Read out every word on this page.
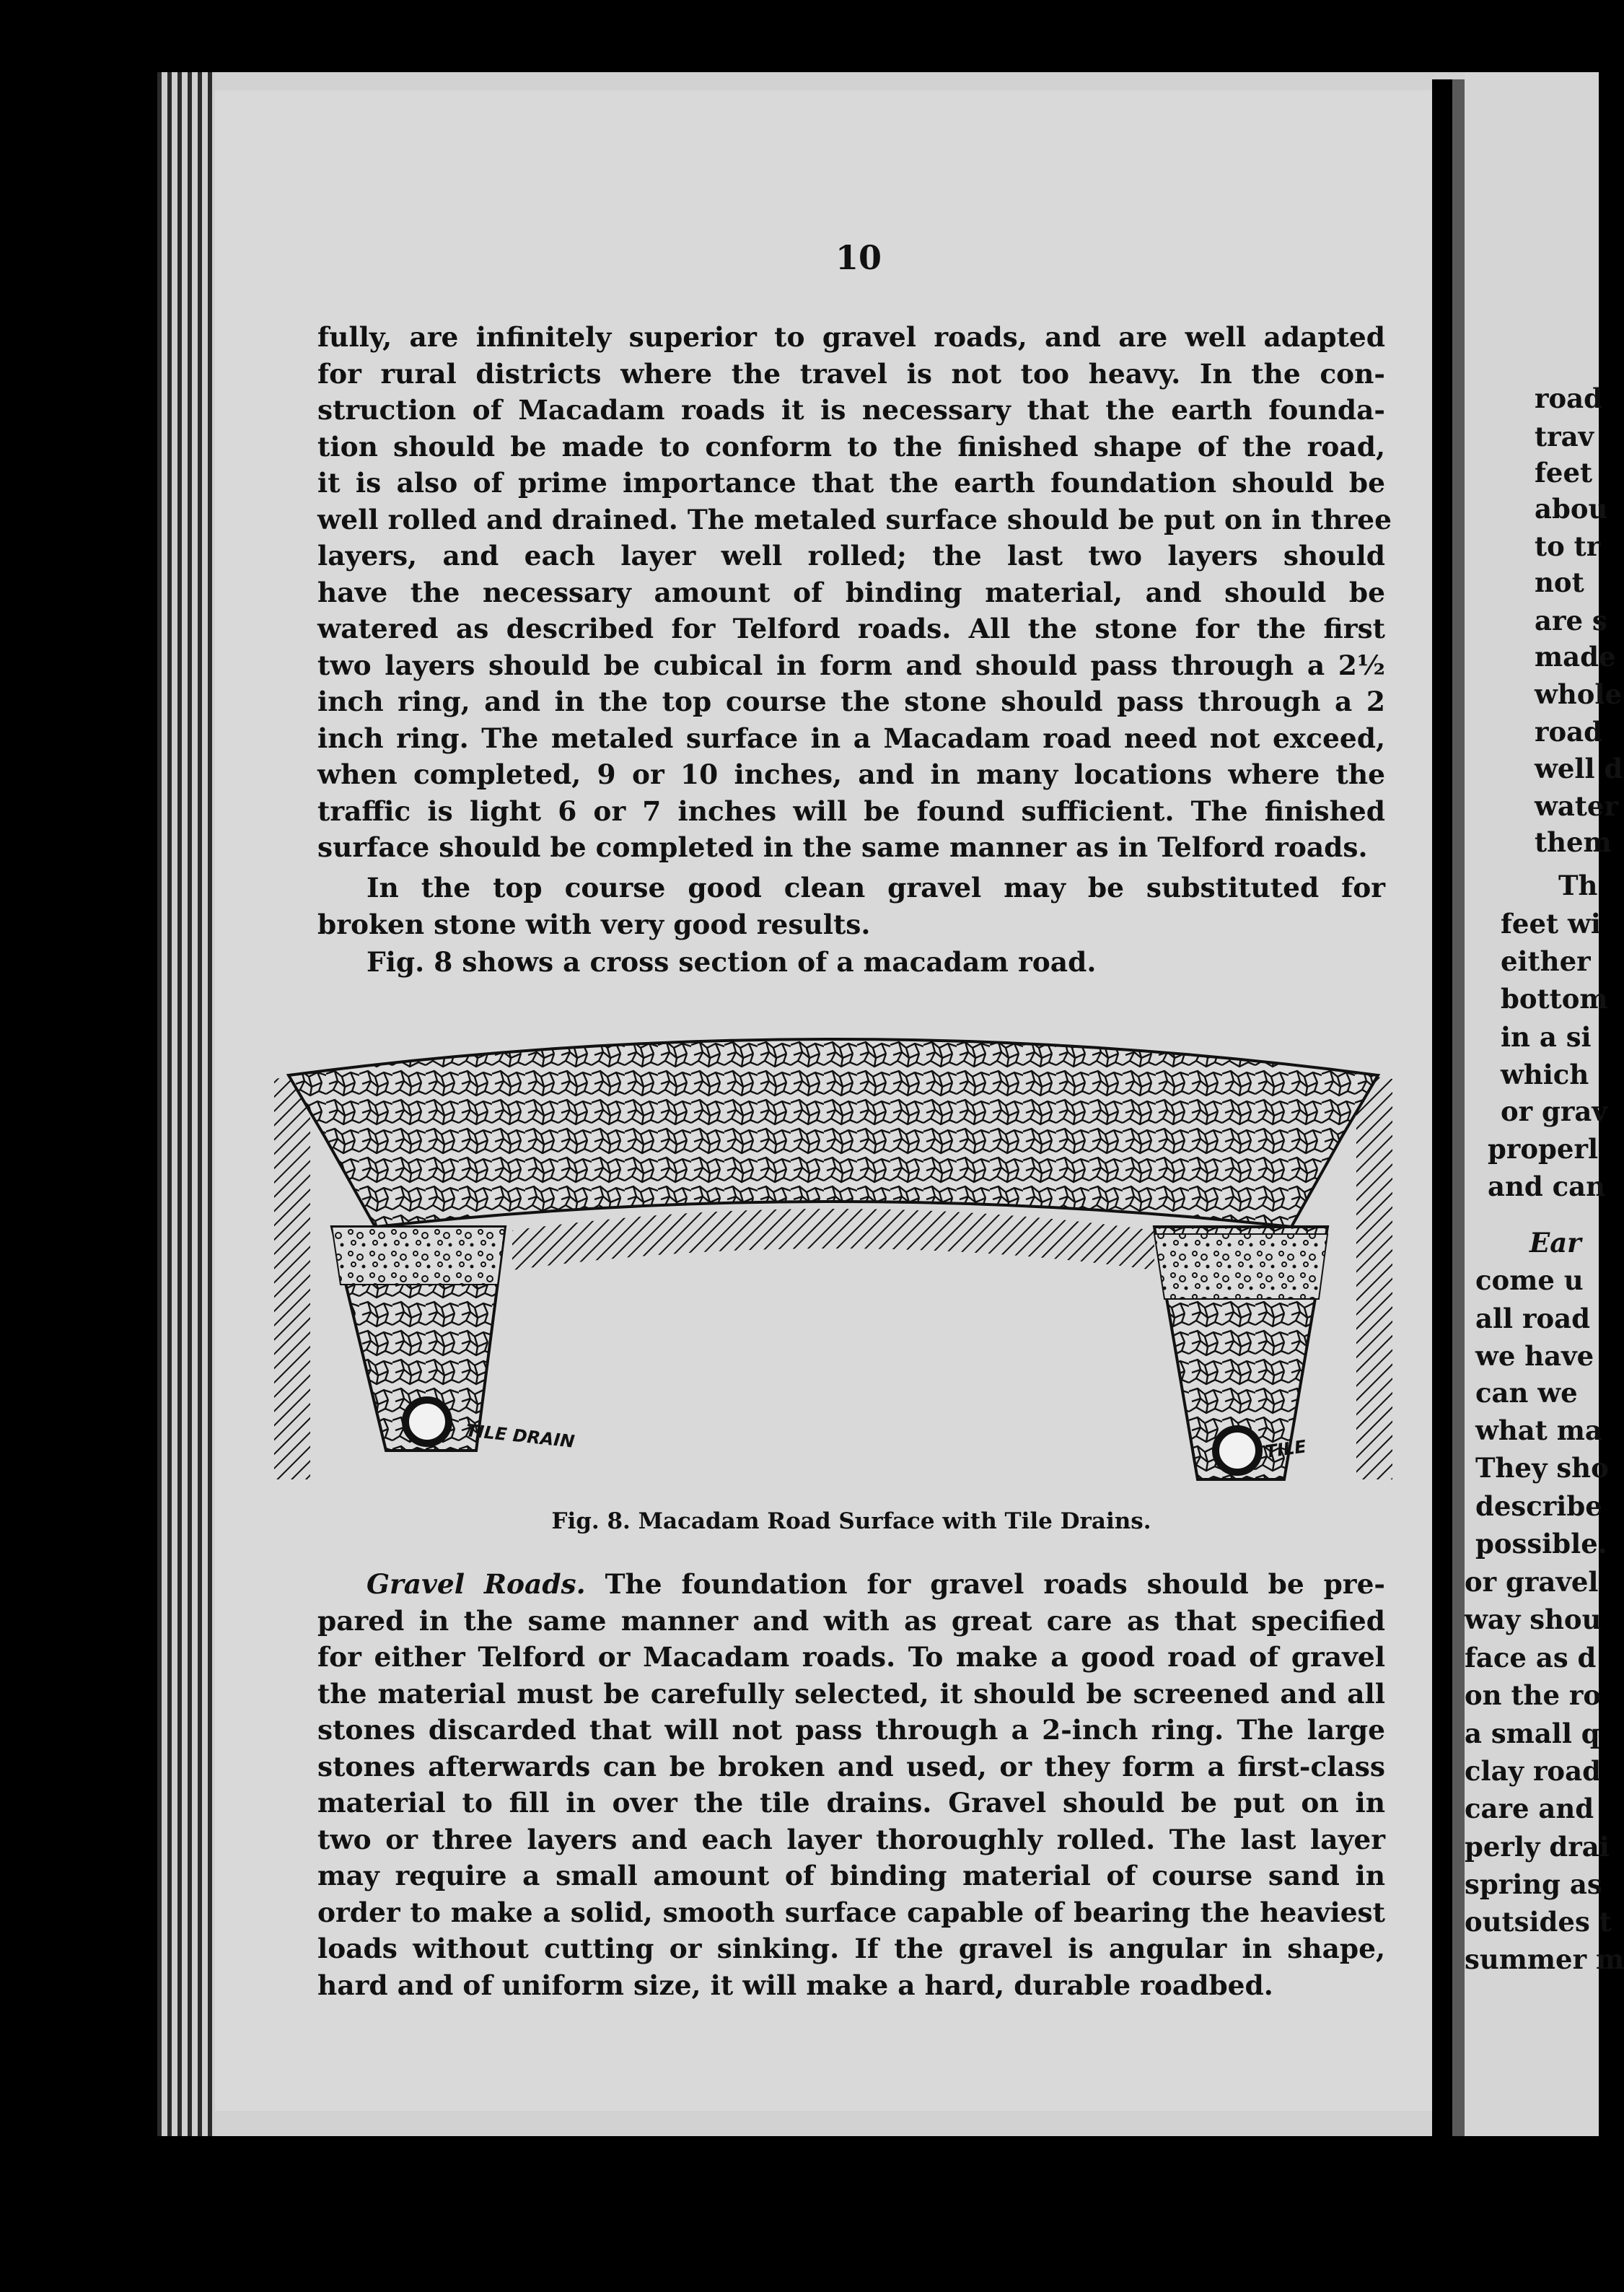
10

fully, are infinitely superior to gravel roads, and are well adapted
for rural districts where the travel is not too heavy. In the con-
struction of Macadam roads it is necessary that the earth founda-
tion should be made to conform to the finished shape of the road,
it is also of prime importance that the earth foundation should be
well rolled and drained. The metaled surface should be put on in three
layers, and each layer well rolled; the last two layers should
have the necessary amount of binding material, and should be
watered as described for Telford roads. All the stone for the first
two layers should be cubical in form and should pass through a 2½
inch ring, and in the top course the stone should pass through a 2
inch ring. The metaled surface in a Macadam road need not exceed,
when completed, 9 or 10 inches, and in many locations where the
traffic is light 6 or 7 inches will be found sufficient. The finished
surface should be completed in the same manner as in Telford roads.

In the top course good clean gravel may be substituted for
broken stone with very good results.

Fig. 8 shows a cross section of a macadam road.

TILE DRAIN	TILE
Fig. 8. Macadam Road Surface with Tile Drains.

Gravel Roads. The foundation for gravel roads should be pre-
pared in the same manner and with as great care as that specified
for either Telford or Macadam roads. To make a good road of gravel
the material must be carefully selected, it should be screened and all
stones discarded that will not pass through a 2-inch ring. The large
stones afterwards can be broken and used, or they form a first-class
material to fill in over the tile drains. Gravel should be put on in
two or three layers and each layer thoroughly rolled. The last layer
may require a small amount of binding material of course sand in
order to make a solid, smooth surface capable of bearing the heaviest
loads without cutting or sinking. If the gravel is angular in shape,
hard and of uniform size, it will make a hard, durable roadbed.

road
trav
feet
abou
to tr
not
are s
made
whole
road
well d
water
them
Th
feet wi
either
bottom
in a si
which
or grav
properl
and can
Ear
come u
all road
we have
can we
what ma
They sho
describe
possible.
or gravel
way shou
face as d
on the ro
a small q
clay road
care and
perly drai
spring as
outsides t
summer m
